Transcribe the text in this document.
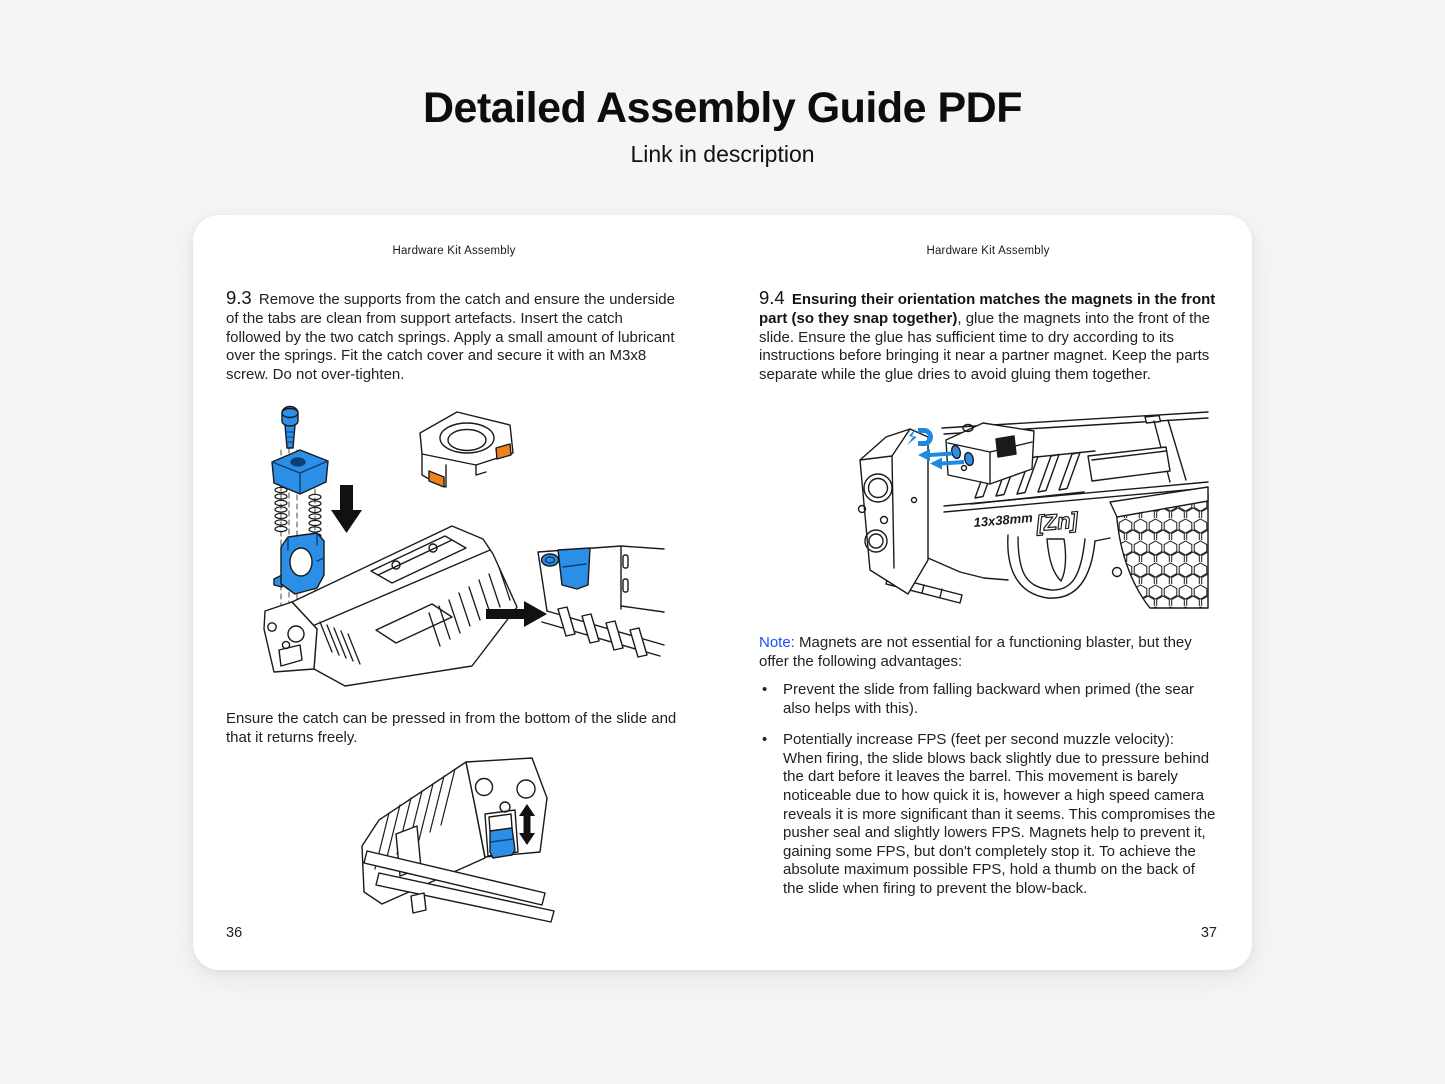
Detailed Assembly Guide PDF

Link in description

Hardware Kit Assembly

9.3 Remove the supports from the catch and ensure the underside of the tabs are clean from support artefacts. Insert the catch followed by the two catch springs. Apply a small amount of lubricant over the springs. Fit the catch cover and secure it with an M3x8 screw. Do not over-tighten.

Ensure the catch can be pressed in from the bottom of the slide and that it returns freely.

36
Hardware Kit Assembly

9.4 Ensuring their orientation matches the magnets in the front part (so they snap together), glue the magnets into the front of the slide. Ensure the glue has sufficient time to dry according to its instructions before bringing it near a partner magnet. Keep the parts separate while the glue dries to avoid gluing them together.

13x38mm [Zn]

Note: Magnets are not essential for a functioning blaster, but they offer the following advantages:

• Prevent the slide from falling backward when primed (the sear also helps with this).
• Potentially increase FPS (feet per second muzzle velocity): When firing, the slide blows back slightly due to pressure behind the dart before it leaves the barrel. This movement is barely noticeable due to how quick it is, however a high speed camera reveals it is more significant than it seems. This compromises the pusher seal and slightly lowers FPS. Magnets help to prevent it, gaining some FPS, but don't completely stop it. To achieve the absolute maximum possible FPS, hold a thumb on the back of the slide when firing to prevent the blow-back.
37
